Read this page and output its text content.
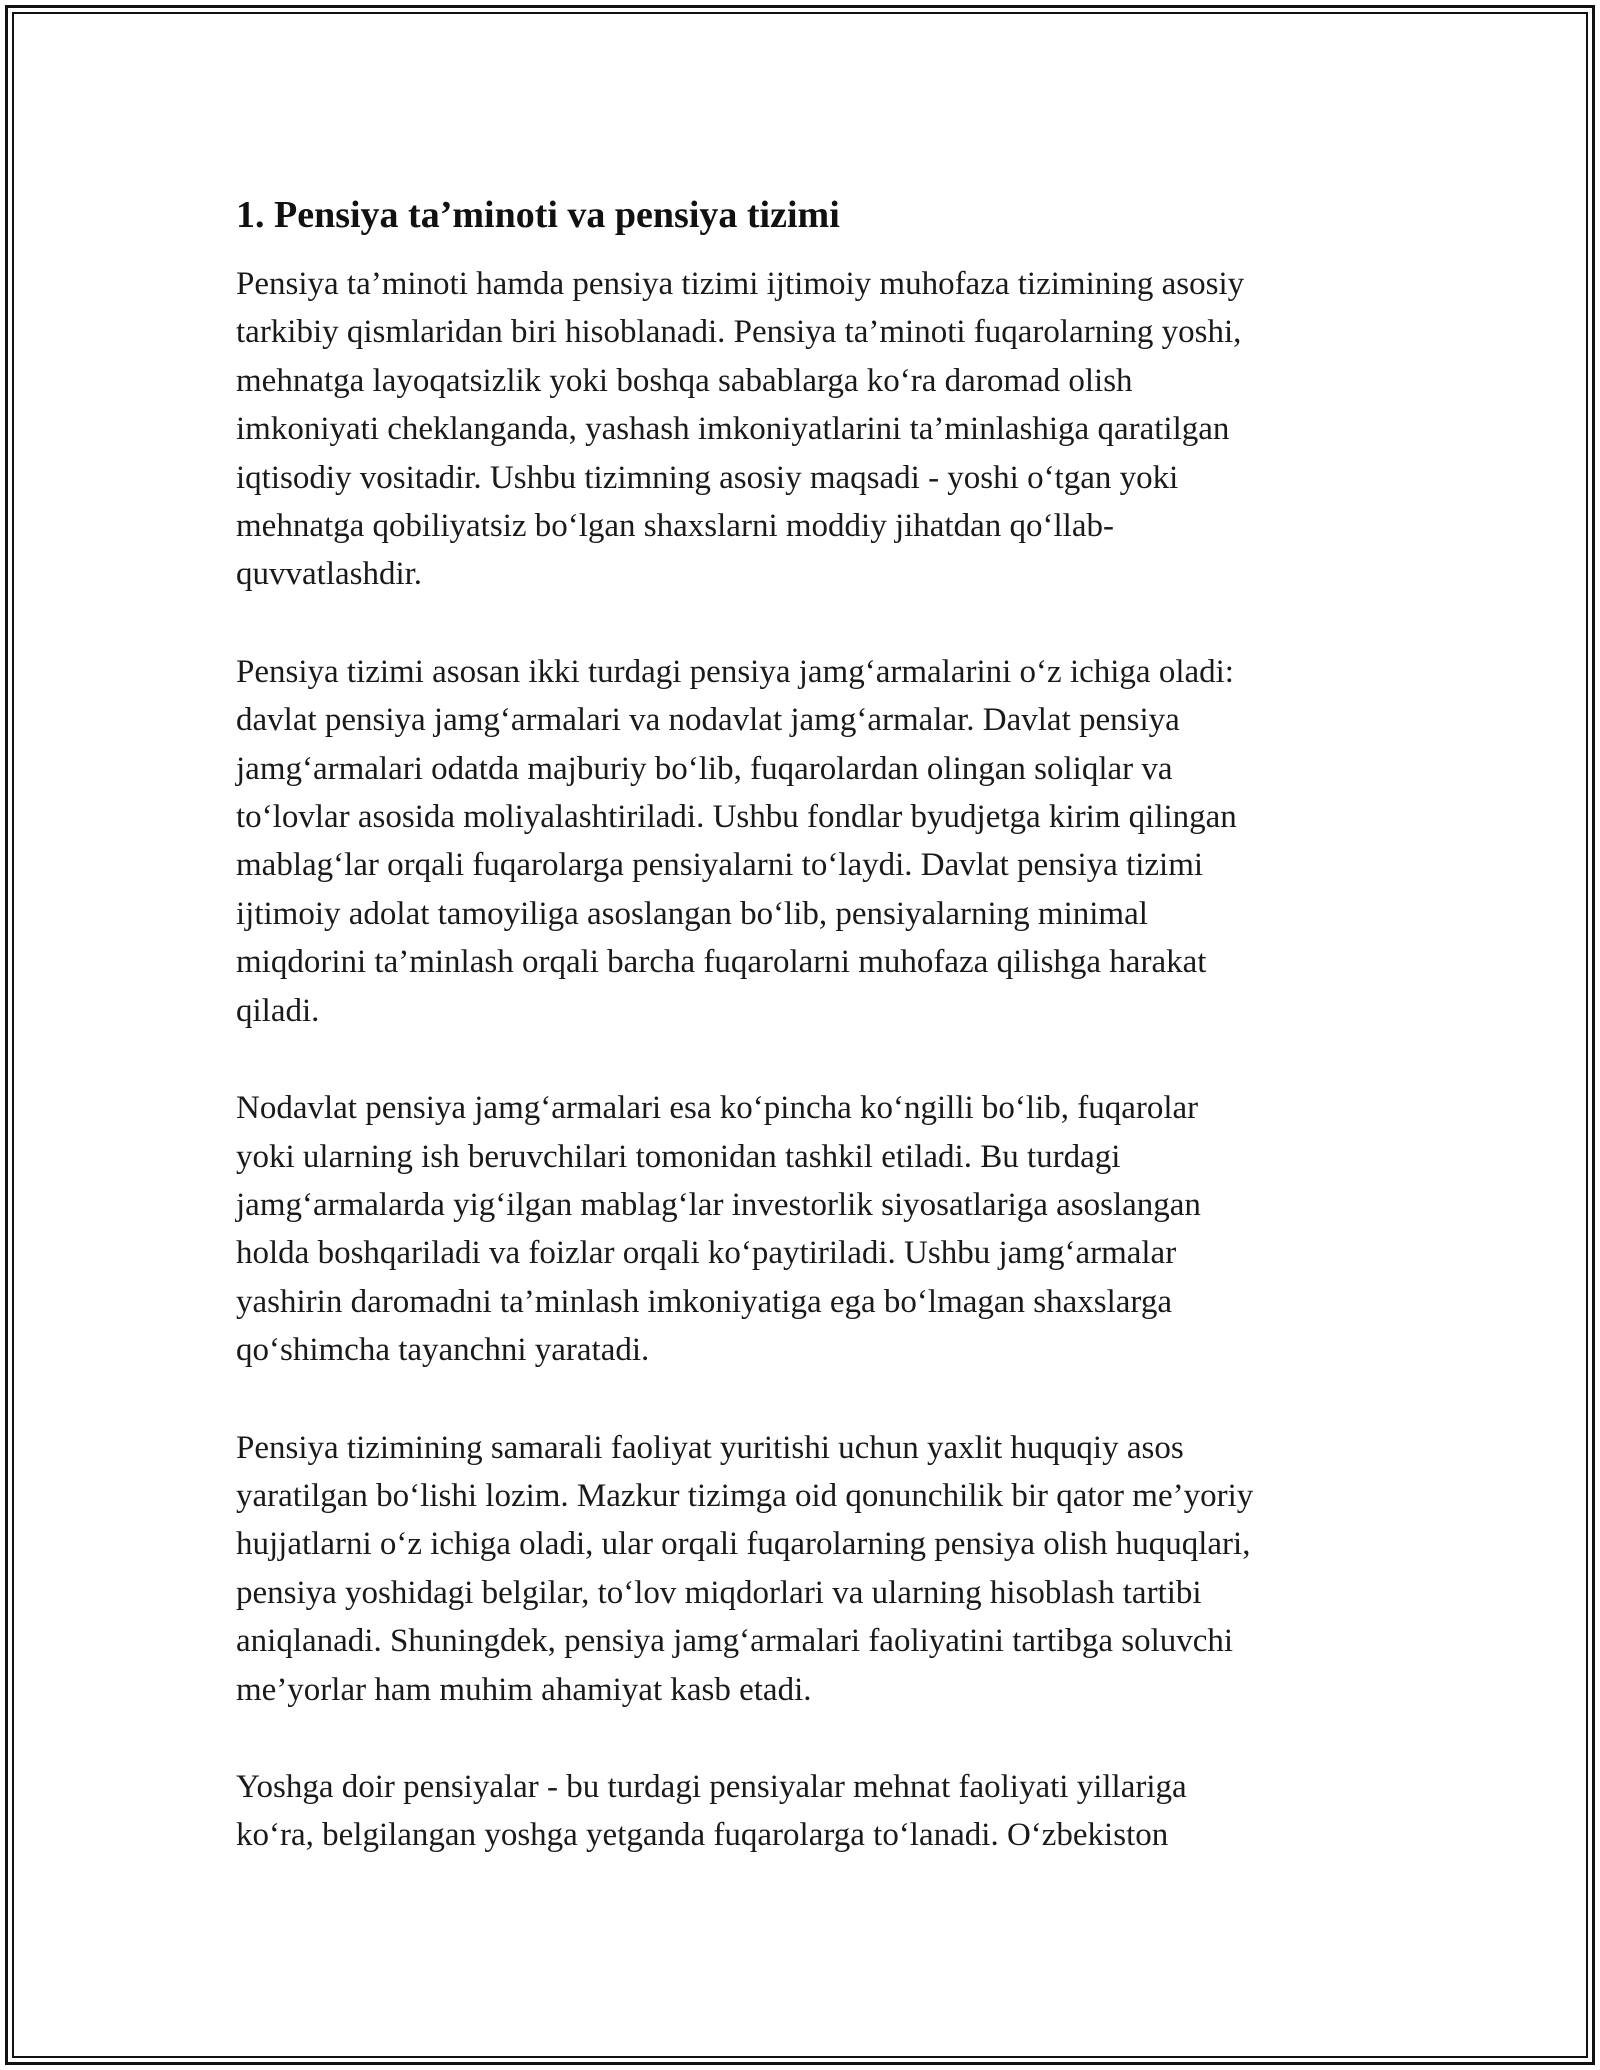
1. Pensiya ta’minoti va pensiya tizimi

Pensiya ta’minoti hamda pensiya tizimi ijtimoiy muhofaza tizimining asosiy
tarkibiy qismlaridan biri hisoblanadi. Pensiya ta’minoti fuqarolarning yoshi,
mehnatga layoqatsizlik yoki boshqa sabablarga ko‘ra daromad olish
imkoniyati cheklanganda, yashash imkoniyatlarini ta’minlashiga qaratilgan
iqtisodiy vositadir. Ushbu tizimning asosiy maqsadi - yoshi o‘tgan yoki
mehnatga qobiliyatsiz bo‘lgan shaxslarni moddiy jihatdan qo‘llab-
quvvatlashdir.

Pensiya tizimi asosan ikki turdagi pensiya jamg‘armalarini o‘z ichiga oladi:
davlat pensiya jamg‘armalari va nodavlat jamg‘armalar. Davlat pensiya
jamg‘armalari odatda majburiy bo‘lib, fuqarolardan olingan soliqlar va
to‘lovlar asosida moliyalashtiriladi. Ushbu fondlar byudjetga kirim qilingan
mablag‘lar orqali fuqarolarga pensiyalarni to‘laydi. Davlat pensiya tizimi
ijtimoiy adolat tamoyiliga asoslangan bo‘lib, pensiyalarning minimal
miqdorini ta’minlash orqali barcha fuqarolarni muhofaza qilishga harakat
qiladi.

Nodavlat pensiya jamg‘armalari esa ko‘pincha ko‘ngilli bo‘lib, fuqarolar
yoki ularning ish beruvchilari tomonidan tashkil etiladi. Bu turdagi
jamg‘armalarda yig‘ilgan mablag‘lar investorlik siyosatlariga asoslangan
holda boshqariladi va foizlar orqali ko‘paytiriladi. Ushbu jamg‘armalar
yashirin daromadni ta’minlash imkoniyatiga ega bo‘lmagan shaxslarga
qo‘shimcha tayanchni yaratadi.

Pensiya tizimining samarali faoliyat yuritishi uchun yaxlit huquqiy asos
yaratilgan bo‘lishi lozim. Mazkur tizimga oid qonunchilik bir qator me’yoriy
hujjatlarni o‘z ichiga oladi, ular orqali fuqarolarning pensiya olish huquqlari,
pensiya yoshidagi belgilar, to‘lov miqdorlari va ularning hisoblash tartibi
aniqlanadi. Shuningdek, pensiya jamg‘armalari faoliyatini tartibga soluvchi
me’yorlar ham muhim ahamiyat kasb etadi.

Yoshga doir pensiyalar - bu turdagi pensiyalar mehnat faoliyati yillariga
ko‘ra, belgilangan yoshga yetganda fuqarolarga to‘lanadi. O‘zbekiston
